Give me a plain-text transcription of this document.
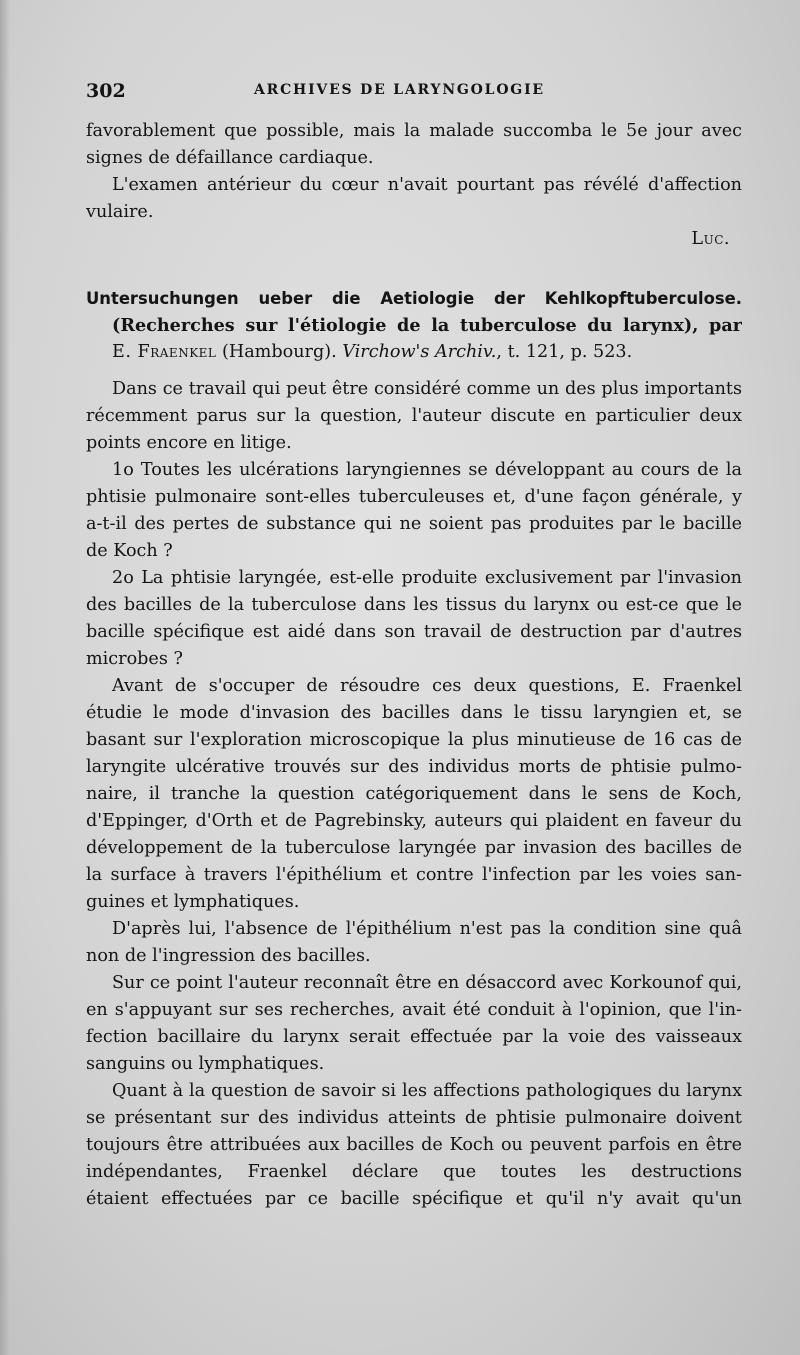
302	ARCHIVES DE LARYNGOLOGIE
favorablement que possible, mais la malade succomba le 5e jour avec
signes de défaillance cardiaque.
L'examen antérieur du cœur n'avait pourtant pas révélé d'affection
vulaire.
Luc.
Untersuchungen ueber die Aetiologie der Kehlkopftuberculose.
(Recherches sur l'étiologie de la tuberculose du larynx), par
E. Fraenkel (Hambourg). Virchow's Archiv., t. 121, p. 523.
Dans ce travail qui peut être considéré comme un des plus importants
récemment parus sur la question, l'auteur discute en particulier deux
points encore en litige.
1o Toutes les ulcérations laryngiennes se développant au cours de la
phtisie pulmonaire sont-elles tuberculeuses et, d'une façon générale, y
a-t-il des pertes de substance qui ne soient pas produites par le bacille
de Koch ?
2o La phtisie laryngée, est-elle produite exclusivement par l'invasion
des bacilles de la tuberculose dans les tissus du larynx ou est-ce que le
bacille spécifique est aidé dans son travail de destruction par d'autres
microbes ?
Avant de s'occuper de résoudre ces deux questions, E. Fraenkel
étudie le mode d'invasion des bacilles dans le tissu laryngien et, se
basant sur l'exploration microscopique la plus minutieuse de 16 cas de
laryngite ulcérative trouvés sur des individus morts de phtisie pulmo-
naire, il tranche la question catégoriquement dans le sens de Koch,
d'Eppinger, d'Orth et de Pagrebinsky, auteurs qui plaident en faveur du
développement de la tuberculose laryngée par invasion des bacilles de
la surface à travers l'épithélium et contre l'infection par les voies san-
guines et lymphatiques.
D'après lui, l'absence de l'épithélium n'est pas la condition sine quâ
non de l'ingression des bacilles.
Sur ce point l'auteur reconnaît être en désaccord avec Korkounof qui,
en s'appuyant sur ses recherches, avait été conduit à l'opinion, que l'in-
fection bacillaire du larynx serait effectuée par la voie des vaisseaux
sanguins ou lymphatiques.
Quant à la question de savoir si les affections pathologiques du larynx
se présentant sur des individus atteints de phtisie pulmonaire doivent
toujours être attribuées aux bacilles de Koch ou peuvent parfois en être
indépendantes, Fraenkel déclare que toutes les destructions
étaient effectuées par ce bacille spécifique et qu'il n'y avait qu'un
